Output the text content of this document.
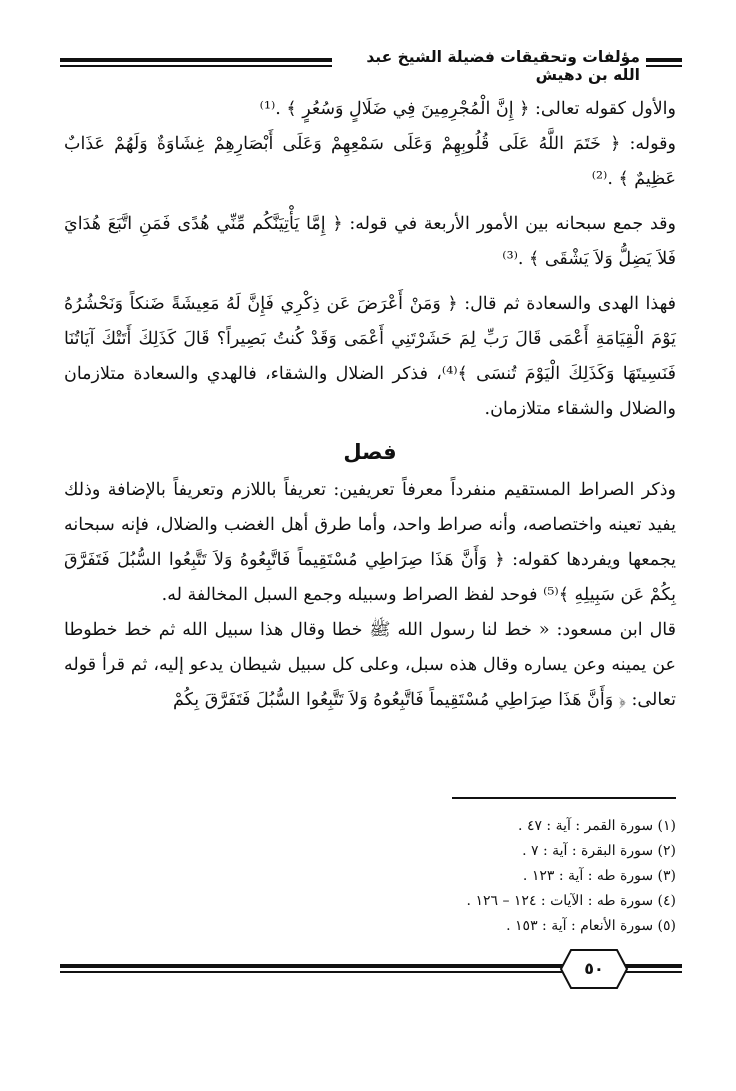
مؤلفات وتحقيقات فضيلة الشيخ عبد الله بن دهيش

والأول كقوله تعالى: ﴿ إِنَّ الْمُجْرِمِينَ فِي ضَلَالٍ وَسُعُرٍ ﴾ .⁽¹⁾

وقوله: ﴿ خَتَمَ اللَّهُ عَلَى قُلُوبِهِمْ وَعَلَى سَمْعِهِمْ وَعَلَى أَبْصَارِهِمْ غِشَاوَةٌ وَلَهُمْ عَذَابٌ عَظِيمٌ ﴾ .⁽²⁾

وقد جمع سبحانه بين الأمور الأربعة في قوله: ﴿ إِمَّا يَأْتِيَنَّكُم مِّنِّي هُدًى فَمَنِ اتَّبَعَ هُدَايَ فَلاَ يَضِلُّ وَلاَ يَشْقَى ﴾ .⁽³⁾

فهذا الهدى والسعادة ثم قال: ﴿ وَمَنْ أَعْرَضَ عَن ذِكْرِي فَإِنَّ لَهُ مَعِيشَةً ضَنكاً وَنَحْشُرُهُ يَوْمَ الْقِيَامَةِ أَعْمَى قَالَ رَبِّ لِمَ حَشَرْتَنِي أَعْمَى وَقَدْ كُنتُ بَصِيراً؟ قَالَ كَذَلِكَ أَتَتْكَ آيَاتُنَا فَنَسِيتَهَا وَكَذَلِكَ الْيَوْمَ تُنسَى ﴾⁽⁴⁾، فذكر الضلال والشقاء، فالهدي والسعادة متلازمان والضلال والشقاء متلازمان.

فصل

وذكر الصراط المستقيم منفرداً معرفاً تعريفين: تعريفاً باللازم وتعريفاً بالإضافة وذلك يفيد تعينه واختصاصه، وأنه صراط واحد، وأما طرق أهل الغضب والضلال، فإنه سبحانه يجمعها ويفردها كقوله: ﴿ وَأَنَّ هَذَا صِرَاطِي مُسْتَقِيماً فَاتَّبِعُوهُ وَلاَ تَتَّبِعُوا السُّبُلَ فَتَفَرَّقَ بِكُمْ عَن سَبِيلِهِ ﴾⁽⁵⁾ فوحد لفظ الصراط وسبيله وجمع السبل المخالفة له.

قال ابن مسعود: « خط لنا رسول الله ﷺ خطا وقال هذا سبيل الله ثم خط خطوطا عن يمينه وعن يساره وقال هذه سبل، وعلى كل سبيل شيطان يدعو إليه، ثم قرأ قوله تعالى: ﴿ وَأَنَّ هَذَا صِرَاطِي مُسْتَقِيماً فَاتَّبِعُوهُ وَلاَ تَتَّبِعُوا السُّبُلَ فَتَفَرَّقَ بِكُمْ

(١) سورة القمر : آية : ٤٧ .
(٢) سورة البقرة : آية : ٧ .
(٣) سورة طه : آية : ١٢٣ .
(٤) سورة طه : الآيات : ١٢٤ – ١٢٦ .
(٥) سورة الأنعام : آية : ١٥٣ .
٥٠
